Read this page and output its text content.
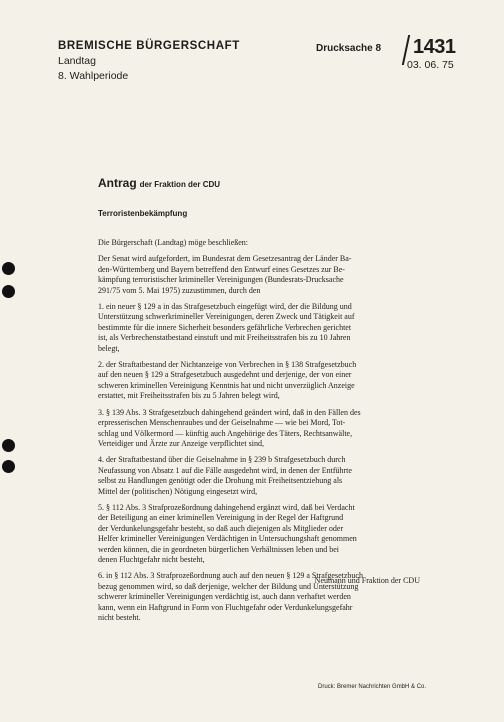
BREMISCHE BÜRGERSCHAFT
Landtag
8. Wahlperiode
Drucksache 8 1431
03. 06. 75
Antrag der Fraktion der CDU
Terroristenbekämpfung

Die Bürgerschaft (Landtag) möge beschließen:

Der Senat wird aufgefordert, im Bundesrat dem Gesetzesantrag der Länder Ba-
den-Württemberg und Bayern betreffend den Entwurf eines Gesetzes zur Be-
kämpfung terroristischer krimineller Vereinigungen (Bundesrats-Drucksache
291/75 vom 5. Mai 1975) zuzustimmen, durch den

1. ein neuer § 129 a in das Strafgesetzbuch eingefügt wird, der die Bildung und
Unterstützung schwerkrimineller Vereinigungen, deren Zweck und Tätigkeit auf
bestimmte für die innere Sicherheit besonders gefährliche Verbrechen gerichtet
ist, als Verbrechenstatbestand einstuft und mit Freiheitsstrafen bis zu 10 Jahren
belegt,

2. der Straftatbestand der Nichtanzeige von Verbrechen in § 138 Strafgesetzbuch
auf den neuen § 129 a Strafgesetzbuch ausgedehnt und derjenige, der von einer
schweren kriminellen Vereinigung Kenntnis hat und nicht unverzüglich Anzeige
erstattet, mit Freiheitsstrafen bis zu 5 Jahren belegt wird,

3. § 139 Abs. 3 Strafgesetzbuch dahingehend geändert wird, daß in den Fällen des
erpresserischen Menschenraubes und der Geiselnahme — wie bei Mord, Tot-
schlag und Völkermord — künftig auch Angehörige des Täters, Rechtsanwälte,
Verteidiger und Ärzte zur Anzeige verpflichtet sind,

4. der Straftatbestand über die Geiselnahme in § 239 b Strafgesetzbuch durch
Neufassung von Absatz 1 auf die Fälle ausgedehnt wird, in denen der Entführte
selbst zu Handlungen genötigt oder die Drohung mit Freiheitsentziehung als
Mittel der (politischen) Nötigung eingesetzt wird,

5. § 112 Abs. 3 Strafprozeßordnung dahingehend ergänzt wird, daß bei Verdacht
der Beteiligung an einer kriminellen Vereinigung in der Regel der Haftgrund
der Verdunkelungsgefahr besteht, so daß auch diejenigen als Mitglieder oder
Helfer krimineller Vereinigungen Verdächtigen in Untersuchungshaft genommen
werden können, die in geordneten bürgerlichen Verhältnissen leben und bei
denen Fluchtgefahr nicht besteht,

6. in § 112 Abs. 3 Strafprozeßordnung auch auf den neuen § 129 a Strafgesetzbuch
bezug genommen wird, so daß derjenige, welcher der Bildung und Unterstützung
schwerer krimineller Vereinigungen verdächtig ist, auch dann verhaftet werden
kann, wenn ein Haftgrund in Form von Fluchtgefahr oder Verdunkelungsgefahr
nicht besteht.

Neumann und Fraktion der CDU
Druck: Bremer Nachrichten GmbH & Co.
